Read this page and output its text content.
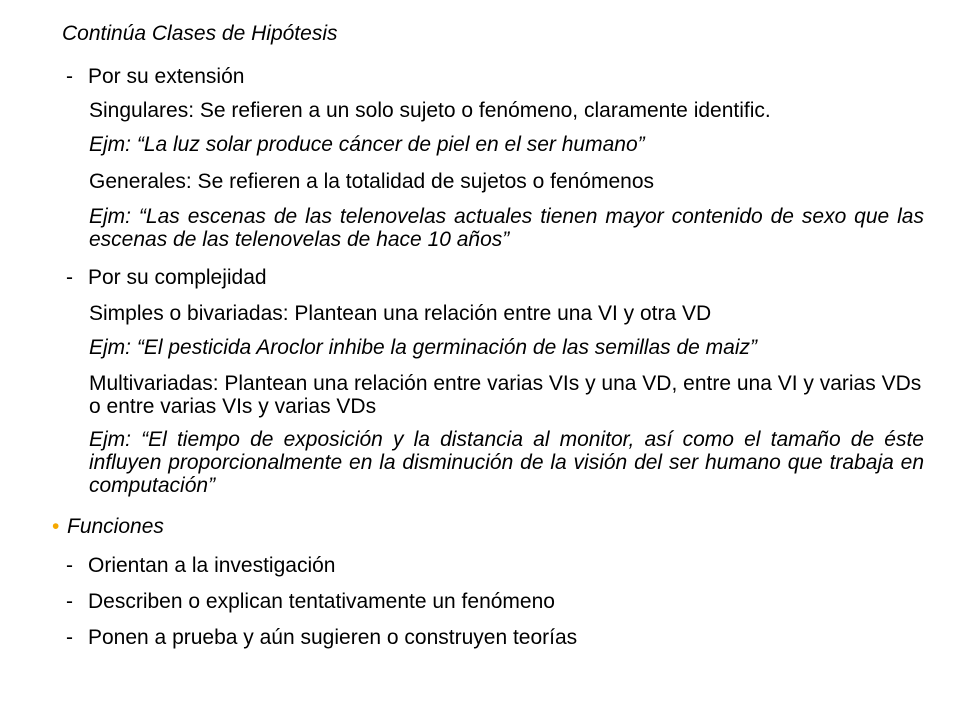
Continúa Clases de Hipótesis
- Por su extensión
Singulares: Se refieren a un solo sujeto o fenómeno, claramente identific.
Ejm: “La luz solar produce cáncer de piel en el ser humano”
Generales: Se refieren a la totalidad de sujetos o fenómenos
Ejm: “Las escenas de las telenovelas actuales tienen mayor contenido de sexo que las escenas de las telenovelas de hace 10 años”
- Por su complejidad
Simples o bivariadas: Plantean una relación entre una VI y otra VD
Ejm: “El pesticida Aroclor inhibe la germinación de las semillas de maiz”
Multivariadas: Plantean una relación entre varias VIs y una VD, entre una VI y varias VDs o entre varias VIs y varias VDs
Ejm: “El tiempo de exposición y la distancia al monitor, así como el tamaño de éste influyen proporcionalmente en la disminución de la visión del ser humano que trabaja en computación”
• Funciones
- Orientan a la investigación
- Describen o explican tentativamente un fenómeno
- Ponen a prueba y aún sugieren o construyen teorías
